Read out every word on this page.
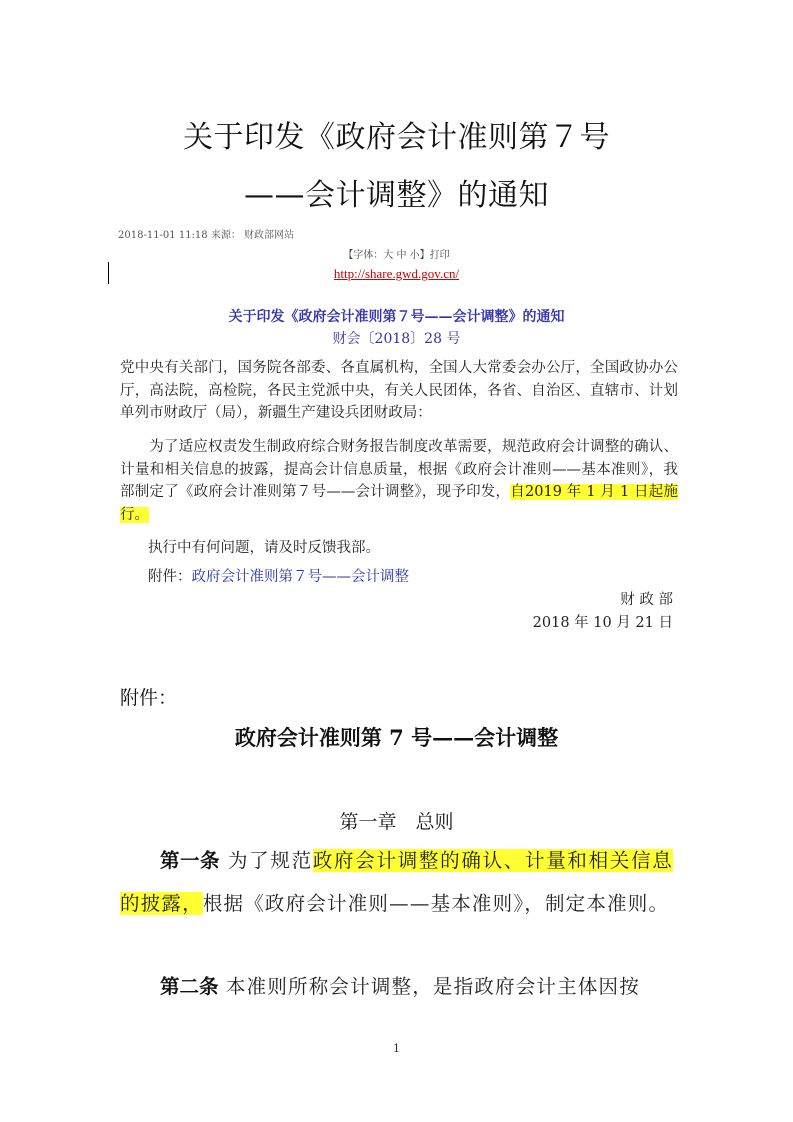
关于印发《政府会计准则第７号
——会计调整》的通知
2018-11-01 11:18 来源： 财政部网站
【字体：大 中 小】打印
http://share.gwd.gov.cn/
关于印发《政府会计准则第７号——会计调整》的通知
财会〔2018〕28 号
党中央有关部门，国务院各部委、各直属机构，全国人大常委会办公厅，全国政协办公厅，高法院，高检院，各民主党派中央，有关人民团体，各省、自治区、直辖市、计划单列市财政厅（局），新疆生产建设兵团财政局：
为了适应权责发生制政府综合财务报告制度改革需要，规范政府会计调整的确认、计量和相关信息的披露，提高会计信息质量，根据《政府会计准则——基本准则》，我部制定了《政府会计准则第７号——会计调整》，现予印发，自2019 年 1 月 1 日起施行。
执行中有何问题，请及时反馈我部。
附件：政府会计准则第７号——会计调整
财 政 部
2018 年 10 月 21 日
附件：
政府会计准则第 7 号——会计调整
第一章　总则
第一条 为了规范政府会计调整的确认、计量和相关信息的披露，根据《政府会计准则——基本准则》，制定本准则。
第二条 本准则所称会计调整，是指政府会计主体因按
1
